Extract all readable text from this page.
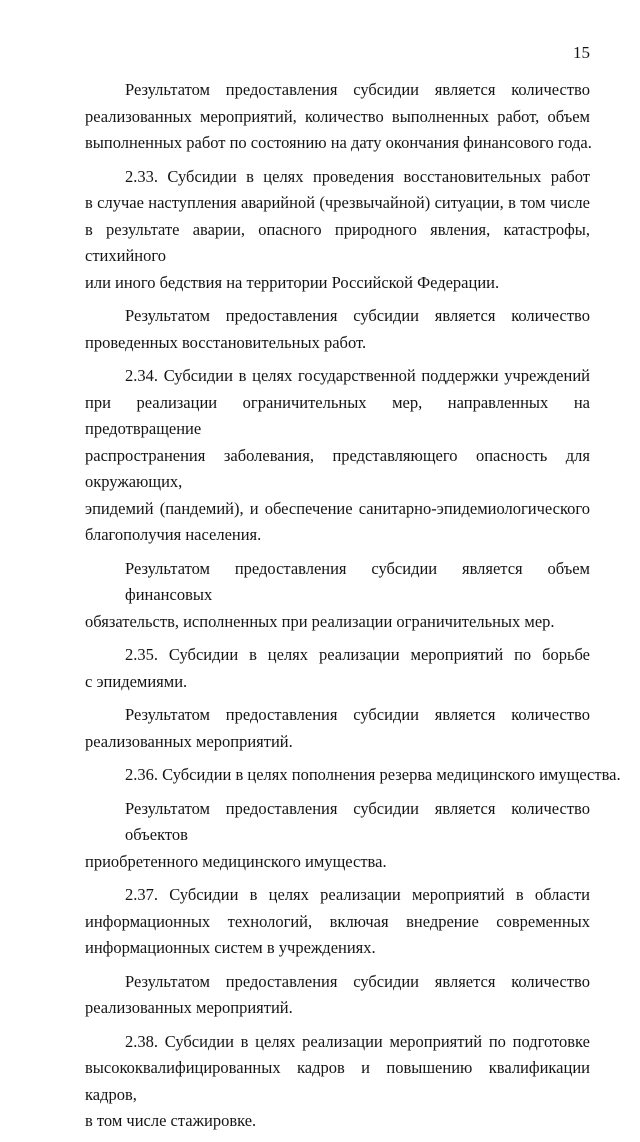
15
Результатом предоставления субсидии является количество
реализованных мероприятий, количество выполненных работ, объем
выполненных работ по состоянию на дату окончания финансового года.
2.33. Субсидии в целях проведения восстановительных работ
в случае наступления аварийной (чрезвычайной) ситуации, в том числе
в результате аварии, опасного природного явления, катастрофы, стихийного
или иного бедствия на территории Российской Федерации.
Результатом предоставления субсидии является количество
проведенных восстановительных работ.
2.34. Субсидии в целях государственной поддержки учреждений
при реализации ограничительных мер, направленных на предотвращение
распространения заболевания, представляющего опасность для окружающих,
эпидемий (пандемий), и обеспечение санитарно-эпидемиологического
благополучия населения.
Результатом предоставления субсидии является объем финансовых
обязательств, исполненных при реализации ограничительных мер.
2.35. Субсидии в целях реализации мероприятий по борьбе
с эпидемиями.
Результатом предоставления субсидии является количество
реализованных мероприятий.
2.36. Субсидии в целях пополнения резерва медицинского имущества.
Результатом предоставления субсидии является количество объектов
приобретенного медицинского имущества.
2.37. Субсидии в целях реализации мероприятий в области
информационных технологий, включая внедрение современных
информационных систем в учреждениях.
Результатом предоставления субсидии является количество
реализованных мероприятий.
2.38. Субсидии в целях реализации мероприятий по подготовке
высококвалифицированных кадров и повышению квалификации кадров,
в том числе стажировке.
